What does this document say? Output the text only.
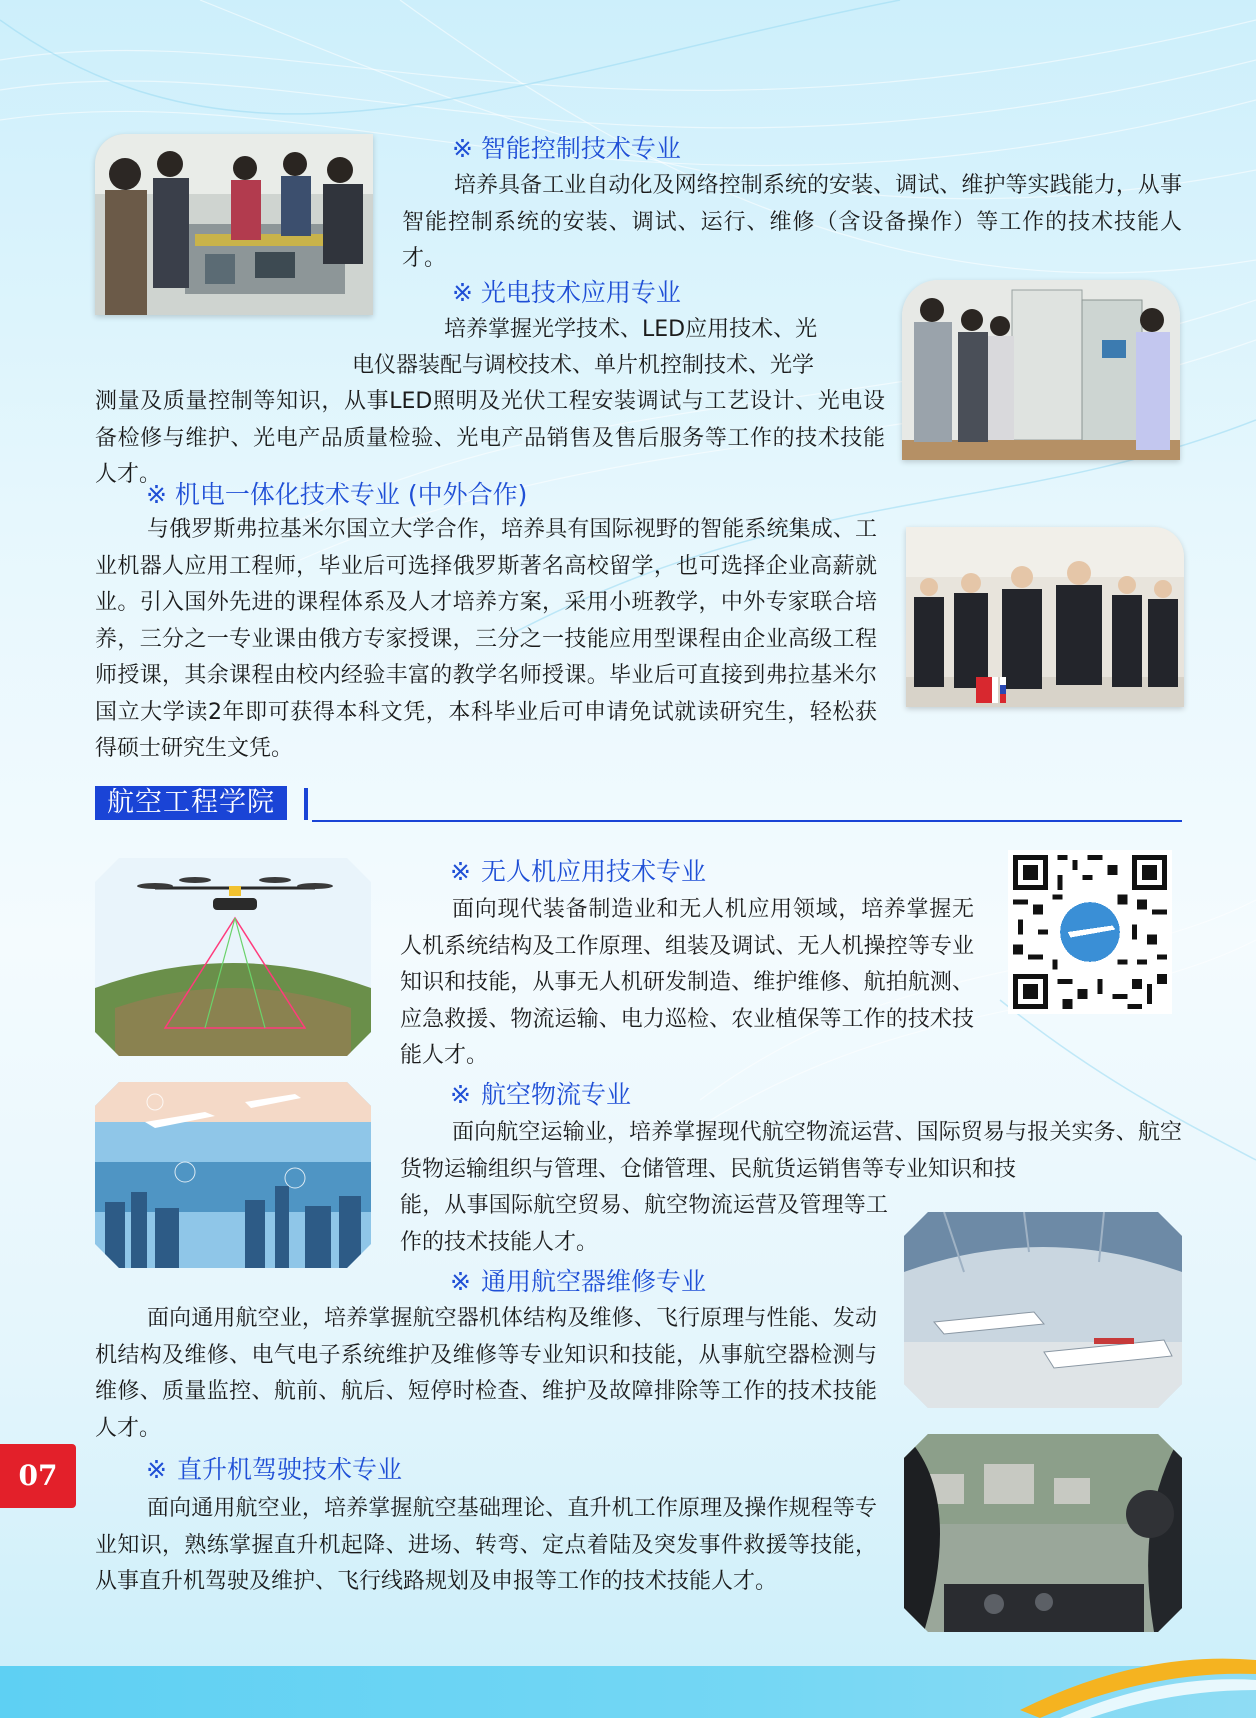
※ 智能控制技术专业

培养具备工业自动化及网络控制系统的安装、调试、维护等实践能力，从事智能控制系统的安装、调试、运行、维修（含设备操作）等工作的技术技能人才。

※ 光电技术应用专业

培养掌握光学技术、LED应用技术、光

电仪器装配与调校技术、单片机控制技术、光学

测量及质量控制等知识，从事LED照明及光伏工程安装调试与工艺设计、光电设备检修与维护、光电产品质量检验、光电产品销售及售后服务等工作的技术技能人才。

※ 机电一体化技术专业 (中外合作)

与俄罗斯弗拉基米尔国立大学合作，培养具有国际视野的智能系统集成、工业机器人应用工程师，毕业后可选择俄罗斯著名高校留学，也可选择企业高薪就业。引入国外先进的课程体系及人才培养方案，采用小班教学，中外专家联合培养，三分之一专业课由俄方专家授课，三分之一技能应用型课程由企业高级工程师授课，其余课程由校内经验丰富的教学名师授课。毕业后可直接到弗拉基米尔国立大学读2年即可获得本科文凭，本科毕业后可申请免试就读研究生，轻松获得硕士研究生文凭。

航空工程学院
※ 无人机应用技术专业

面向现代装备制造业和无人机应用领域，培养掌握无人机系统结构及工作原理、组装及调试、无人机操控等专业知识和技能，从事无人机研发制造、维护维修、航拍航测、应急救援、物流运输、电力巡检、农业植保等工作的技术技能人才。

※ 航空物流专业

面向航空运输业，培养掌握现代航空物流运营、国际贸易与报关实务、航空货物运输组织与管理、仓储管理、民航货运销售等专业知识和技

能，从事国际航空贸易、航空物流运营及管理等工作的技术技能人才。

※ 通用航空器维修专业

面向通用航空业，培养掌握航空器机体结构及维修、飞行原理与性能、发动机结构及维修、电气电子系统维护及维修等专业知识和技能，从事航空器检测与维修、质量监控、航前、航后、短停时检查、维护及故障排除等工作的技术技能人才。

※ 直升机驾驶技术专业

面向通用航空业，培养掌握航空基础理论、直升机工作原理及操作规程等专业知识，熟练掌握直升机起降、进场、转弯、定点着陆及突发事件救援等技能，从事直升机驾驶及维护、飞行线路规划及申报等工作的技术技能人才。

07
